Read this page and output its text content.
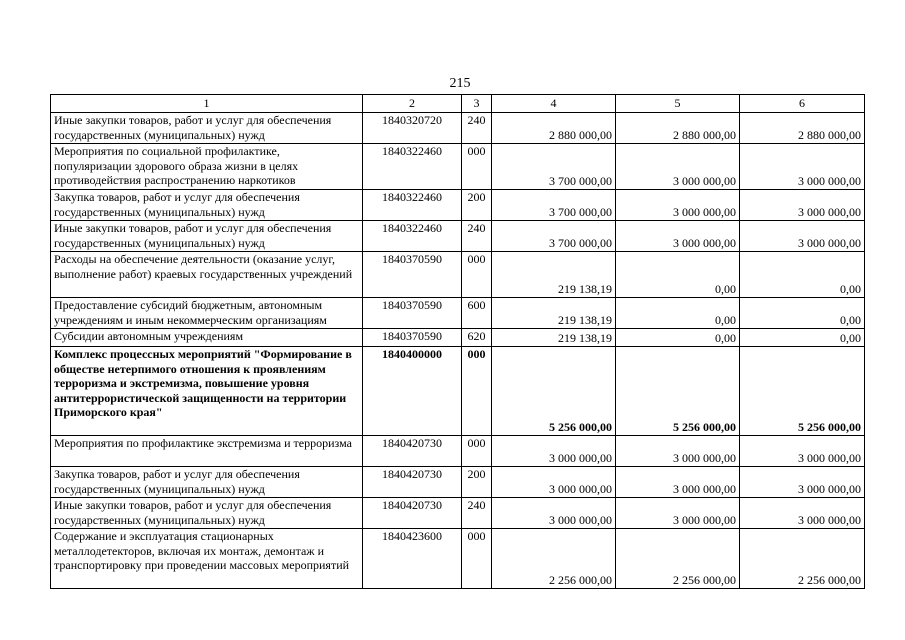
215
1	2	3	4	5	6
Иные закупки товаров, работ и услуг для обеспечения государственных (муниципальных) нужд	1840320720	240	2 880 000,00	2 880 000,00	2 880 000,00
Мероприятия по социальной профилактике, популяризации здорового образа жизни в целях противодействия распространению наркотиков	1840322460	000	3 700 000,00	3 000 000,00	3 000 000,00
Закупка товаров, работ и услуг для обеспечения государственных (муниципальных) нужд	1840322460	200	3 700 000,00	3 000 000,00	3 000 000,00
Иные закупки товаров, работ и услуг для обеспечения государственных (муниципальных) нужд	1840322460	240	3 700 000,00	3 000 000,00	3 000 000,00
Расходы на обеспечение деятельности (оказание услуг, выполнение работ) краевых государственных учреждений	1840370590	000	219 138,19	0,00	0,00
Предоставление субсидий бюджетным, автономным учреждениям и иным некоммерческим организациям	1840370590	600	219 138,19	0,00	0,00
Субсидии автономным учреждениям	1840370590	620	219 138,19	0,00	0,00
Комплекс процессных мероприятий "Формирование в обществе нетерпимого отношения к проявлениям терроризма и экстремизма, повышение уровня антитеррористической защищенности на территории Приморского края"	1840400000	000	5 256 000,00	5 256 000,00	5 256 000,00
Мероприятия по профилактике экстремизма и терроризма	1840420730	000	3 000 000,00	3 000 000,00	3 000 000,00
Закупка товаров, работ и услуг для обеспечения государственных (муниципальных) нужд	1840420730	200	3 000 000,00	3 000 000,00	3 000 000,00
Иные закупки товаров, работ и услуг для обеспечения государственных (муниципальных) нужд	1840420730	240	3 000 000,00	3 000 000,00	3 000 000,00
Содержание и эксплуатация стационарных металлодетекторов, включая их монтаж, демонтаж и транспортировку при проведении массовых мероприятий	1840423600	000	2 256 000,00	2 256 000,00	2 256 000,00
